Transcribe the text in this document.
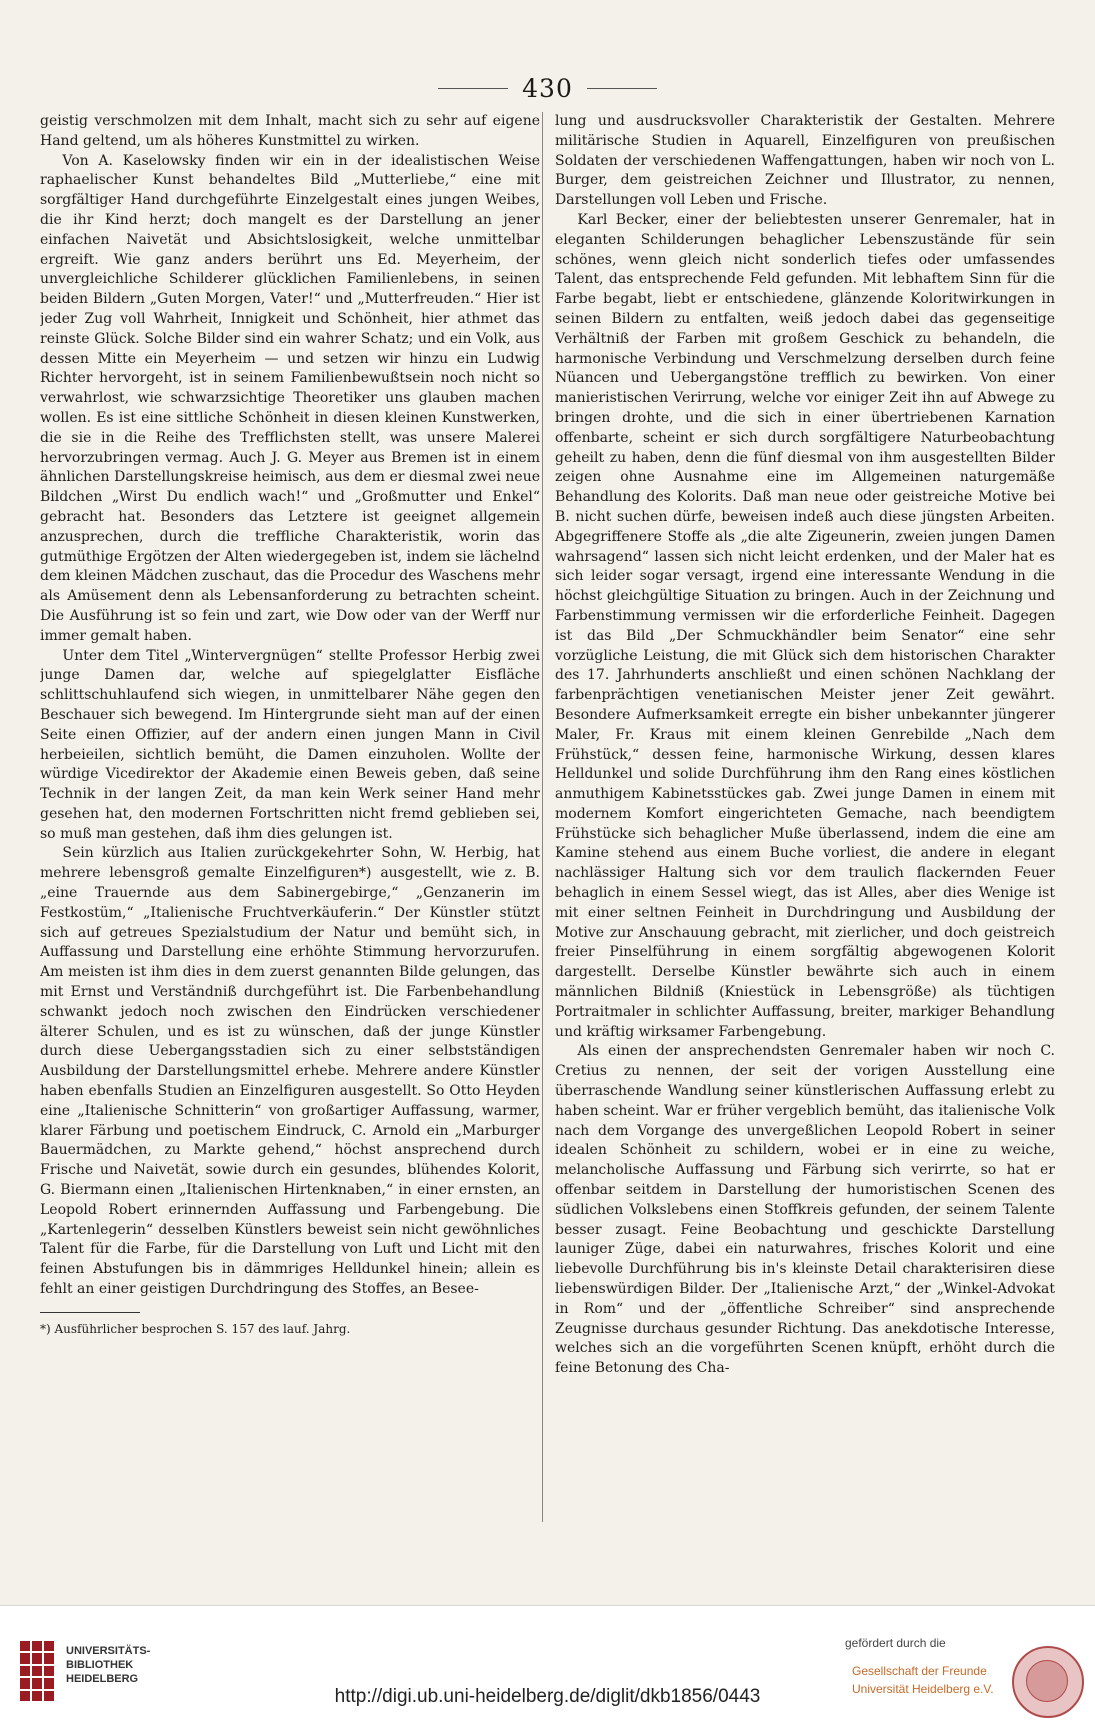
430

geistig verschmolzen mit dem Inhalt, macht sich zu sehr auf eigene Hand geltend, um als höheres Kunstmittel zu wirken.

Von A. Kaselowsky finden wir ein in der idealistischen Weise raphaelischer Kunst behandeltes Bild „Mutterliebe,“ eine mit sorgfältiger Hand durchgeführte Einzelgestalt eines jungen Weibes, die ihr Kind herzt; doch mangelt es der Darstellung an jener einfachen Naivetät und Absichtslosigkeit, welche unmittelbar ergreift. Wie ganz anders berührt uns Ed. Meyerheim, der unvergleichliche Schilderer glücklichen Familienlebens, in seinen beiden Bildern „Guten Morgen, Vater!“ und „Mutterfreuden.“ Hier ist jeder Zug voll Wahrheit, Innigkeit und Schönheit, hier athmet das reinste Glück. Solche Bilder sind ein wahrer Schatz; und ein Volk, aus dessen Mitte ein Meyerheim — und setzen wir hinzu ein Ludwig Richter hervorgeht, ist in seinem Familienbewußtsein noch nicht so verwahrlost, wie schwarzsichtige Theoretiker uns glauben machen wollen. Es ist eine sittliche Schönheit in diesen kleinen Kunstwerken, die sie in die Reihe des Trefflichsten stellt, was unsere Malerei hervorzubringen vermag. Auch J. G. Meyer aus Bremen ist in einem ähnlichen Darstellungskreise heimisch, aus dem er diesmal zwei neue Bildchen „Wirst Du endlich wach!“ und „Großmutter und Enkel“ gebracht hat. Besonders das Letztere ist geeignet allgemein anzusprechen, durch die treffliche Charakteristik, worin das gutmüthige Ergötzen der Alten wiedergegeben ist, indem sie lächelnd dem kleinen Mädchen zuschaut, das die Procedur des Waschens mehr als Amüsement denn als Lebensanforderung zu betrachten scheint. Die Ausführung ist so fein und zart, wie Dow oder van der Werff nur immer gemalt haben.

Unter dem Titel „Wintervergnügen“ stellte Professor Herbig zwei junge Damen dar, welche auf spiegelglatter Eisfläche schlittschuhlaufend sich wiegen, in unmittelbarer Nähe gegen den Beschauer sich bewegend. Im Hintergrunde sieht man auf der einen Seite einen Offizier, auf der andern einen jungen Mann in Civil herbeieilen, sichtlich bemüht, die Damen einzuholen. Wollte der würdige Vicedirektor der Akademie einen Beweis geben, daß seine Technik in der langen Zeit, da man kein Werk seiner Hand mehr gesehen hat, den modernen Fortschritten nicht fremd geblieben sei, so muß man gestehen, daß ihm dies gelungen ist.

Sein kürzlich aus Italien zurückgekehrter Sohn, W. Herbig, hat mehrere lebensgroß gemalte Einzelfiguren*) ausgestellt, wie z. B. „eine Trauernde aus dem Sabinergebirge,“ „Genzanerin im Festkostüm,“ „Italienische Fruchtverkäuferin.“ Der Künstler stützt sich auf getreues Spezialstudium der Natur und bemüht sich, in Auffassung und Darstellung eine erhöhte Stimmung hervorzurufen. Am meisten ist ihm dies in dem zuerst genannten Bilde gelungen, das mit Ernst und Verständniß durchgeführt ist. Die Farbenbehandlung schwankt jedoch noch zwischen den Eindrücken verschiedener älterer Schulen, und es ist zu wünschen, daß der junge Künstler durch diese Uebergangsstadien sich zu einer selbstständigen Ausbildung der Darstellungsmittel erhebe. Mehrere andere Künstler haben ebenfalls Studien an Einzelfiguren ausgestellt. So Otto Heyden eine „Italienische Schnitterin“ von großartiger Auffassung, warmer, klarer Färbung und poetischem Eindruck, C. Arnold ein „Marburger Bauermädchen, zu Markte gehend,“ höchst ansprechend durch Frische und Naivetät, sowie durch ein gesundes, blühendes Kolorit, G. Biermann einen „Italienischen Hirtenknaben,“ in einer ernsten, an Leopold Robert erinnernden Auffassung und Farbengebung. Die „Kartenlegerin“ desselben Künstlers beweist sein nicht gewöhnliches Talent für die Farbe, für die Darstellung von Luft und Licht mit den feinen Abstufungen bis in dämmriges Helldunkel hinein; allein es fehlt an einer geistigen Durchdringung des Stoffes, an Besee-

*) Ausführlicher besprochen S. 157 des lauf. Jahrg.

lung und ausdrucksvoller Charakteristik der Gestalten. Mehrere militärische Studien in Aquarell, Einzelfiguren von preußischen Soldaten der verschiedenen Waffengattungen, haben wir noch von L. Burger, dem geistreichen Zeichner und Illustrator, zu nennen, Darstellungen voll Leben und Frische.

Karl Becker, einer der beliebtesten unserer Genremaler, hat in eleganten Schilderungen behaglicher Lebenszustände für sein schönes, wenn gleich nicht sonderlich tiefes oder umfassendes Talent, das entsprechende Feld gefunden. Mit lebhaftem Sinn für die Farbe begabt, liebt er entschiedene, glänzende Koloritwirkungen in seinen Bildern zu entfalten, weiß jedoch dabei das gegenseitige Verhältniß der Farben mit großem Geschick zu behandeln, die harmonische Verbindung und Verschmelzung derselben durch feine Nüancen und Uebergangstöne trefflich zu bewirken. Von einer manieristischen Verirrung, welche vor einiger Zeit ihn auf Abwege zu bringen drohte, und die sich in einer übertriebenen Karnation offenbarte, scheint er sich durch sorgfältigere Naturbeobachtung geheilt zu haben, denn die fünf diesmal von ihm ausgestellten Bilder zeigen ohne Ausnahme eine im Allgemeinen naturgemäße Behandlung des Kolorits. Daß man neue oder geistreiche Motive bei B. nicht suchen dürfe, beweisen indeß auch diese jüngsten Arbeiten. Abgegriffenere Stoffe als „die alte Zigeunerin, zweien jungen Damen wahrsagend“ lassen sich nicht leicht erdenken, und der Maler hat es sich leider sogar versagt, irgend eine interessante Wendung in die höchst gleichgültige Situation zu bringen. Auch in der Zeichnung und Farbenstimmung vermissen wir die erforderliche Feinheit. Dagegen ist das Bild „Der Schmuckhändler beim Senator“ eine sehr vorzügliche Leistung, die mit Glück sich dem historischen Charakter des 17. Jahrhunderts anschließt und einen schönen Nachklang der farbenprächtigen venetianischen Meister jener Zeit gewährt. Besondere Aufmerksamkeit erregte ein bisher unbekannter jüngerer Maler, Fr. Kraus mit einem kleinen Genrebilde „Nach dem Frühstück,“ dessen feine, harmonische Wirkung, dessen klares Helldunkel und solide Durchführung ihm den Rang eines köstlichen anmuthigem Kabinetsstückes gab. Zwei junge Damen in einem mit modernem Komfort eingerichteten Gemache, nach beendigtem Frühstücke sich behaglicher Muße überlassend, indem die eine am Kamine stehend aus einem Buche vorliest, die andere in elegant nachlässiger Haltung sich vor dem traulich flackernden Feuer behaglich in einem Sessel wiegt, das ist Alles, aber dies Wenige ist mit einer seltnen Feinheit in Durchdringung und Ausbildung der Motive zur Anschauung gebracht, mit zierlicher, und doch geistreich freier Pinselführung in einem sorgfältig abgewogenen Kolorit dargestellt. Derselbe Künstler bewährte sich auch in einem männlichen Bildniß (Kniestück in Lebensgröße) als tüchtigen Portraitmaler in schlichter Auffassung, breiter, markiger Behandlung und kräftig wirksamer Farbengebung.

Als einen der ansprechendsten Genremaler haben wir noch C. Cretius zu nennen, der seit der vorigen Ausstellung eine überraschende Wandlung seiner künstlerischen Auffassung erlebt zu haben scheint. War er früher vergeblich bemüht, das italienische Volk nach dem Vorgange des unvergeßlichen Leopold Robert in seiner idealen Schönheit zu schildern, wobei er in eine zu weiche, melancholische Auffassung und Färbung sich verirrte, so hat er offenbar seitdem in Darstellung der humoristischen Scenen des südlichen Volkslebens einen Stoffkreis gefunden, der seinem Talente besser zusagt. Feine Beobachtung und geschickte Darstellung launiger Züge, dabei ein naturwahres, frisches Kolorit und eine liebevolle Durchführung bis in's kleinste Detail charakterisiren diese liebenswürdigen Bilder. Der „Italienische Arzt,“ der „Winkel-Advokat in Rom“ und der „öffentliche Schreiber“ sind ansprechende Zeugnisse durchaus gesunder Richtung. Das anekdotische Interesse, welches sich an die vorgeführten Scenen knüpft, erhöht durch die feine Betonung des Cha-

UNIVERSITÄTS-
BIBLIOTHEK
HEIDELBERG
http://digi.ub.uni-heidelberg.de/diglit/dkb1856/0443
gefördert durch die
Gesellschaft der Freunde
Universität Heidelberg e.V.
